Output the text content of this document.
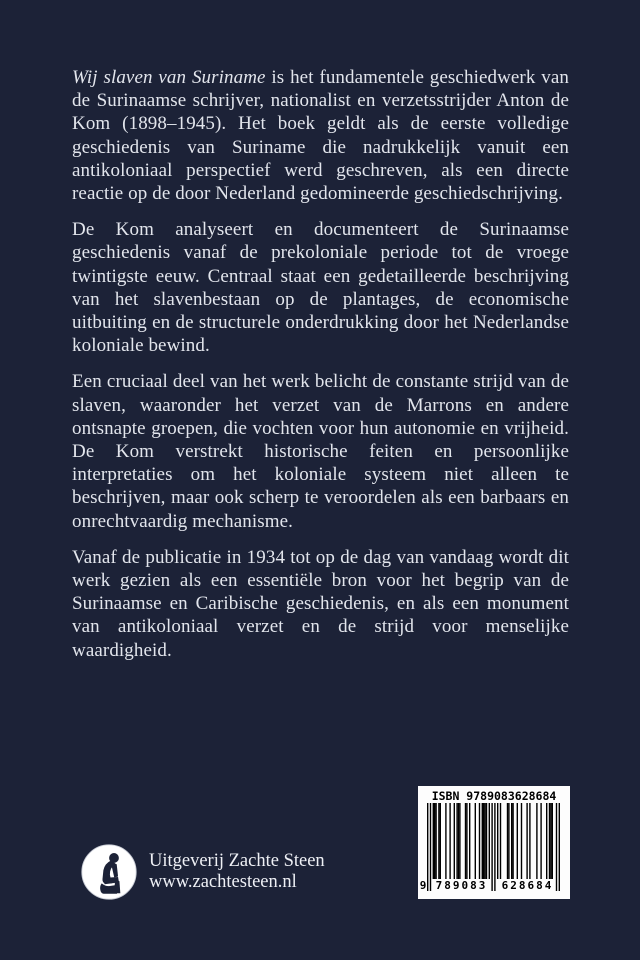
Wij slaven van Suriname is het fundamentele geschiedwerk van de Surinaamse schrijver, nationalist en verzetsstrijder Anton de Kom (1898–1945). Het boek geldt als de eerste volledige geschiedenis van Suriname die nadrukkelijk vanuit een antikoloniaal perspectief werd geschreven, als een directe reactie op de door Nederland gedomineerde geschiedschrijving.

De Kom analyseert en documenteert de Surinaamse geschiedenis vanaf de prekoloniale periode tot de vroege twintigste eeuw. Centraal staat een gedetailleerde beschrijving van het slavenbestaan op de plantages, de economische uitbuiting en de structurele onderdrukking door het Nederlandse koloniale bewind.

Een cruciaal deel van het werk belicht de constante strijd van de slaven, waaronder het verzet van de Marrons en andere ontsnapte groepen, die vochten voor hun autonomie en vrijheid. De Kom verstrekt historische feiten en persoonlijke interpretaties om het koloniale systeem niet alleen te beschrijven, maar ook scherp te veroordelen als een barbaars en onrechtvaardig mechanisme.

Vanaf de publicatie in 1934 tot op de dag van vandaag wordt dit werk gezien als een essentiële bron voor het begrip van de Surinaamse en Caribische geschiedenis, en als een monument van antikoloniaal verzet en de strijd voor menselijke waardigheid.

Uitgeverij Zachte Steen
www.zachtesteen.nl
ISBN 9789083628684
9 789083 628684
